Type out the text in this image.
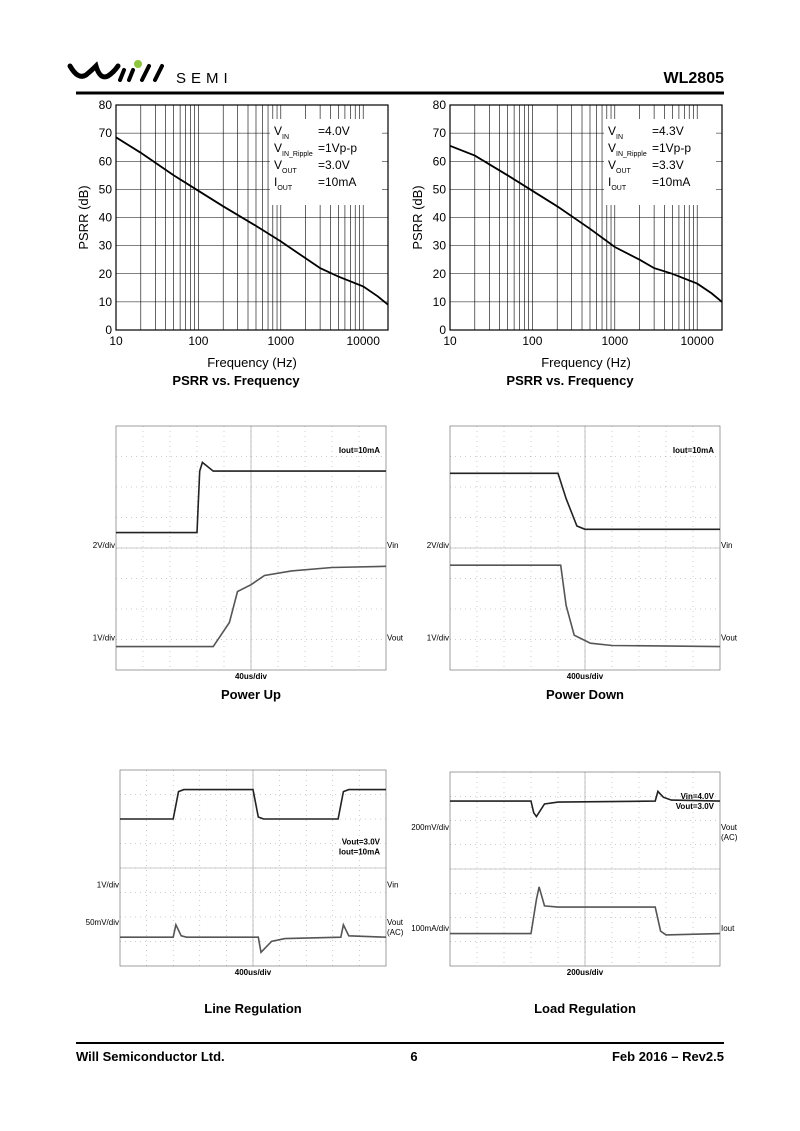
SEMI	WL2805
Will Semiconductor Ltd.	6	Feb 2016 – Rev2.5
0
10
20
30
40
50
60
70
80
10	100	1000	10000
Frequency (Hz)
PSRR (dB)
PSRR vs. Frequency
$V_{IN} =4.0V$
$V_{IN\_Ripple} =1Vp-p$
$V_{OUT} =3.0V$
$I_{OUT} =10mA$
0
10
20
30
40
50
60
70
80
10	100	1000	10000
Frequency (Hz)
PSRR (dB)
PSRR vs. Frequency
$V_{IN} =4.3V$
$V_{IN\_Ripple} =1Vp-p$
$V_{OUT} =3.3V$
$I_{OUT} =10mA$
2V/div	Vin
1V/div	Vout
Iout=10mA
40us/div
Power Up
2V/div	Vin
1V/div	Vout
Iout=10mA
400us/div
Power Down
1V/div	Vin
50mV/div	Vout
(AC)
Vout=3.0V
Iout=10mA
400us/div
Line Regulation
200mV/div	Vout
(AC)
100mA/div	Iout
Vin=4.0V
Vout=3.0V
200us/div
Load Regulation
